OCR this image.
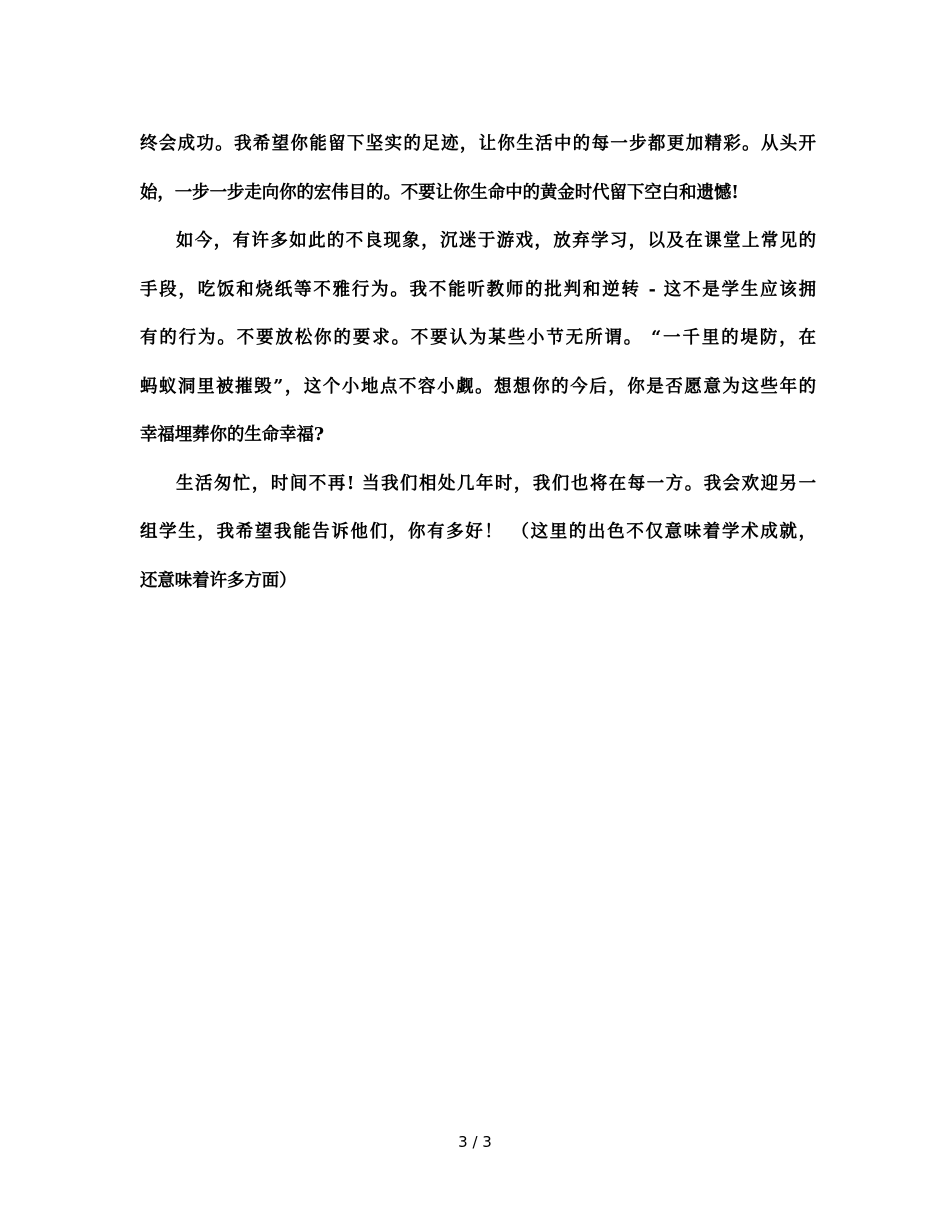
终会成功。我希望你能留下坚实的足迹，让你生活中的每一步都更加精彩。从头开
始，一步一步走向你的宏伟目的。不要让你生命中的黄金时代留下空白和遗憾!
如今，有许多如此的不良现象，沉迷于游戏，放弃学习，以及在课堂上常见的
手段，吃饭和烧纸等不雅行为。我不能听教师的批判和逆转 - 这不是学生应该拥
有的行为。不要放松你的要求。不要认为某些小节无所谓。 “一千里的堤防，在
蚂蚁洞里被摧毁”，这个小地点不容小觑。想想你的今后，你是否愿意为这些年的
幸福埋葬你的生命幸福?
生活匆忙，时间不再! 当我们相处几年时，我们也将在每一方。我会欢迎另一
组学生，我希望我能告诉他们，你有多好！ （这里的出色不仅意味着学术成就，
还意味着许多方面）
3 / 3
